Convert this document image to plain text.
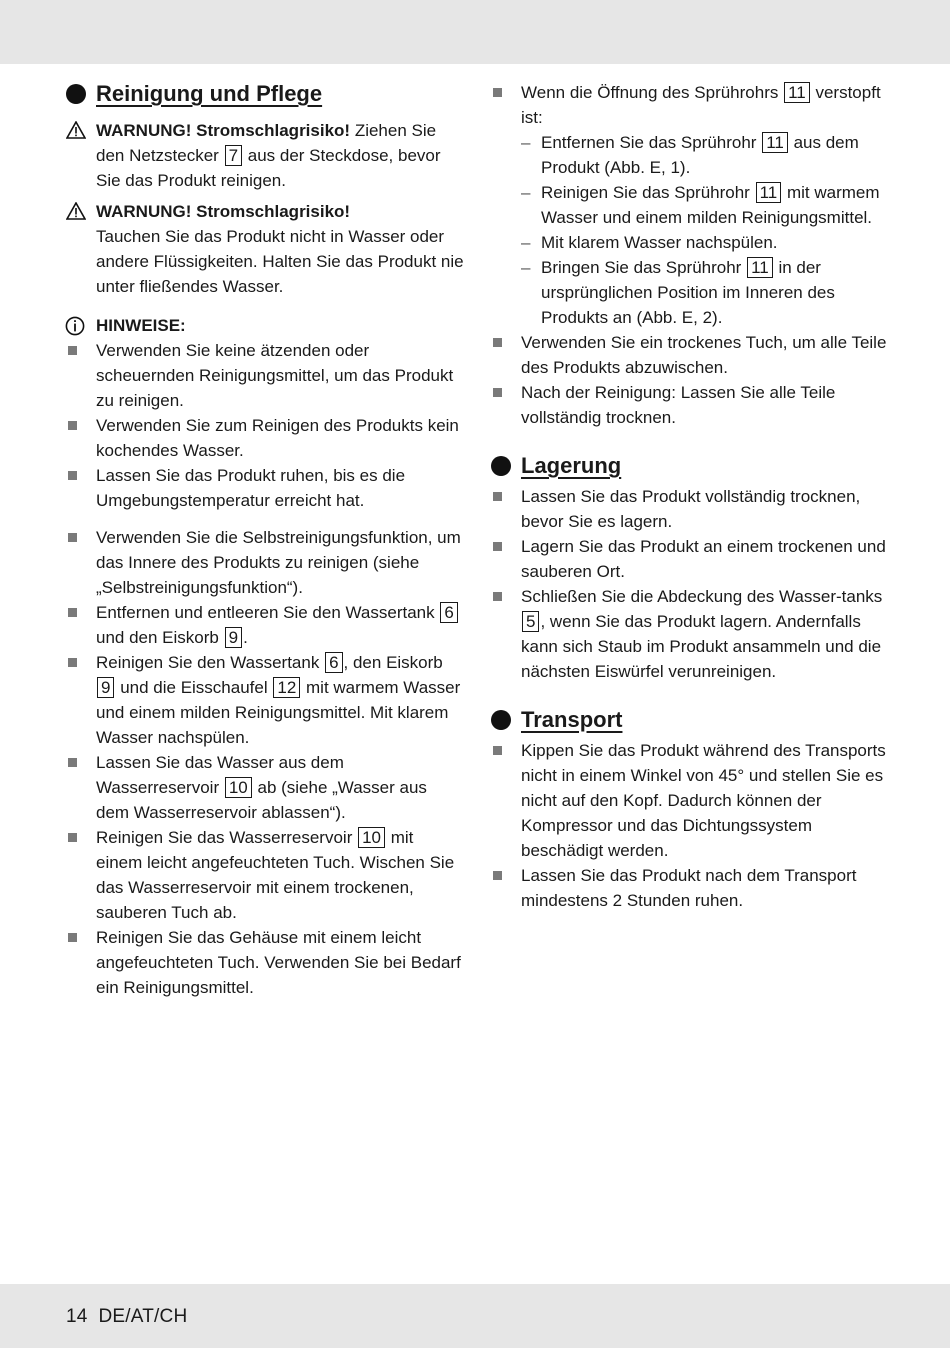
Reinigung und Pflege
WARNUNG! Stromschlagrisiko! Ziehen Sie den Netzstecker 7 aus der Steckdose, bevor Sie das Produkt reinigen.
WARNUNG! Stromschlagrisiko!
Tauchen Sie das Produkt nicht in Wasser oder andere Flüssigkeiten. Halten Sie das Produkt nie unter fließendes Wasser.
HINWEISE:
Verwenden Sie keine ätzenden oder scheuernden Reinigungsmittel, um das Produkt zu reinigen.
Verwenden Sie zum Reinigen des Produkts kein kochendes Wasser.
Lassen Sie das Produkt ruhen, bis es die Umgebungstemperatur erreicht hat.
Verwenden Sie die Selbstreinigungsfunktion, um das Innere des Produkts zu reinigen (siehe „Selbstreinigungsfunktion“).
Entfernen und entleeren Sie den Wassertank 6 und den Eiskorb 9 .
Reinigen Sie den Wassertank 6 , den Eiskorb 9 und die Eisschaufel 12 mit warmem Wasser und einem milden Reinigungsmittel. Mit klarem Wasser nachspülen.
Lassen Sie das Wasser aus dem Wasserreservoir 10 ab (siehe „Wasser aus dem Wasserreservoir ablassen“).
Reinigen Sie das Wasserreservoir 10 mit einem leicht angefeuchteten Tuch. Wischen Sie das Wasserreservoir mit einem trockenen, sauberen Tuch ab.
Reinigen Sie das Gehäuse mit einem leicht angefeuchteten Tuch. Verwenden Sie bei Bedarf ein Reinigungsmittel.
Wenn die Öffnung des Sprührohrs 11 verstopft ist:
– Entfernen Sie das Sprührohr 11 aus dem Produkt (Abb. E, 1).
– Reinigen Sie das Sprührohr 11 mit warmem Wasser und einem milden Reinigungsmittel.
– Mit klarem Wasser nachspülen.
– Bringen Sie das Sprührohr 11 in der ursprünglichen Position im Inneren des Produkts an (Abb. E, 2).
Verwenden Sie ein trockenes Tuch, um alle Teile des Produkts abzuwischen.
Nach der Reinigung: Lassen Sie alle Teile vollständig trocknen.
Lagerung
Lassen Sie das Produkt vollständig trocknen, bevor Sie es lagern.
Lagern Sie das Produkt an einem trockenen und sauberen Ort.
Schließen Sie die Abdeckung des Wasser-tanks 5 , wenn Sie das Produkt lagern. Andernfalls kann sich Staub im Produkt ansammeln und die nächsten Eiswürfel verunreinigen.
Transport
Kippen Sie das Produkt während des Transports nicht in einem Winkel von 45° und stellen Sie es nicht auf den Kopf. Dadurch können der Kompressor und das Dichtungssystem beschädigt werden.
Lassen Sie das Produkt nach dem Transport mindestens 2 Stunden ruhen.
14 DE/AT/CH
